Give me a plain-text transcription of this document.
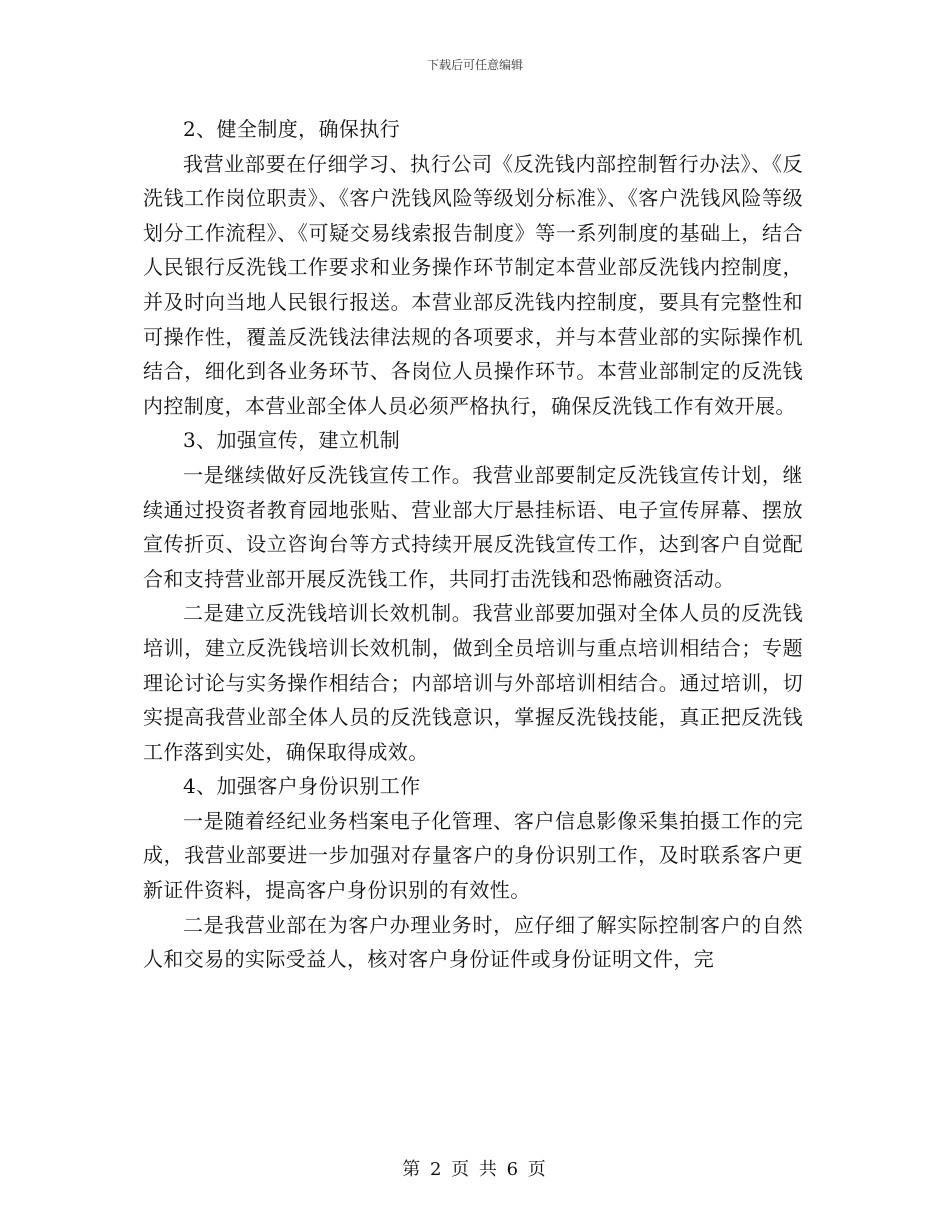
下载后可任意编辑

2、健全制度，确保执行

我营业部要在仔细学习、执行公司《反洗钱内部控制暂行办法》、《反洗钱工作岗位职责》、《客户洗钱风险等级划分标准》、《客户洗钱风险等级划分工作流程》、《可疑交易线索报告制度》等一系列制度的基础上，结合人民银行反洗钱工作要求和业务操作环节制定本营业部反洗钱内控制度，并及时向当地人民银行报送。本营业部反洗钱内控制度，要具有完整性和可操作性，覆盖反洗钱法律法规的各项要求，并与本营业部的实际操作机结合，细化到各业务环节、各岗位人员操作环节。本营业部制定的反洗钱内控制度，本营业部全体人员必须严格执行，确保反洗钱工作有效开展。

3、加强宣传，建立机制

一是继续做好反洗钱宣传工作。我营业部要制定反洗钱宣传计划，继续通过投资者教育园地张贴、营业部大厅悬挂标语、电子宣传屏幕、摆放宣传折页、设立咨询台等方式持续开展反洗钱宣传工作，达到客户自觉配合和支持营业部开展反洗钱工作，共同打击洗钱和恐怖融资活动。

二是建立反洗钱培训长效机制。我营业部要加强对全体人员的反洗钱培训，建立反洗钱培训长效机制，做到全员培训与重点培训相结合；专题理论讨论与实务操作相结合；内部培训与外部培训相结合。通过培训，切实提高我营业部全体人员的反洗钱意识，掌握反洗钱技能，真正把反洗钱工作落到实处，确保取得成效。

4、加强客户身份识别工作

一是随着经纪业务档案电子化管理、客户信息影像采集拍摄工作的完成，我营业部要进一步加强对存量客户的身份识别工作，及时联系客户更新证件资料，提高客户身份识别的有效性。

二是我营业部在为客户办理业务时，应仔细了解实际控制客户的自然人和交易的实际受益人，核对客户身份证件或身份证明文件，完

第 2 页 共 6 页
